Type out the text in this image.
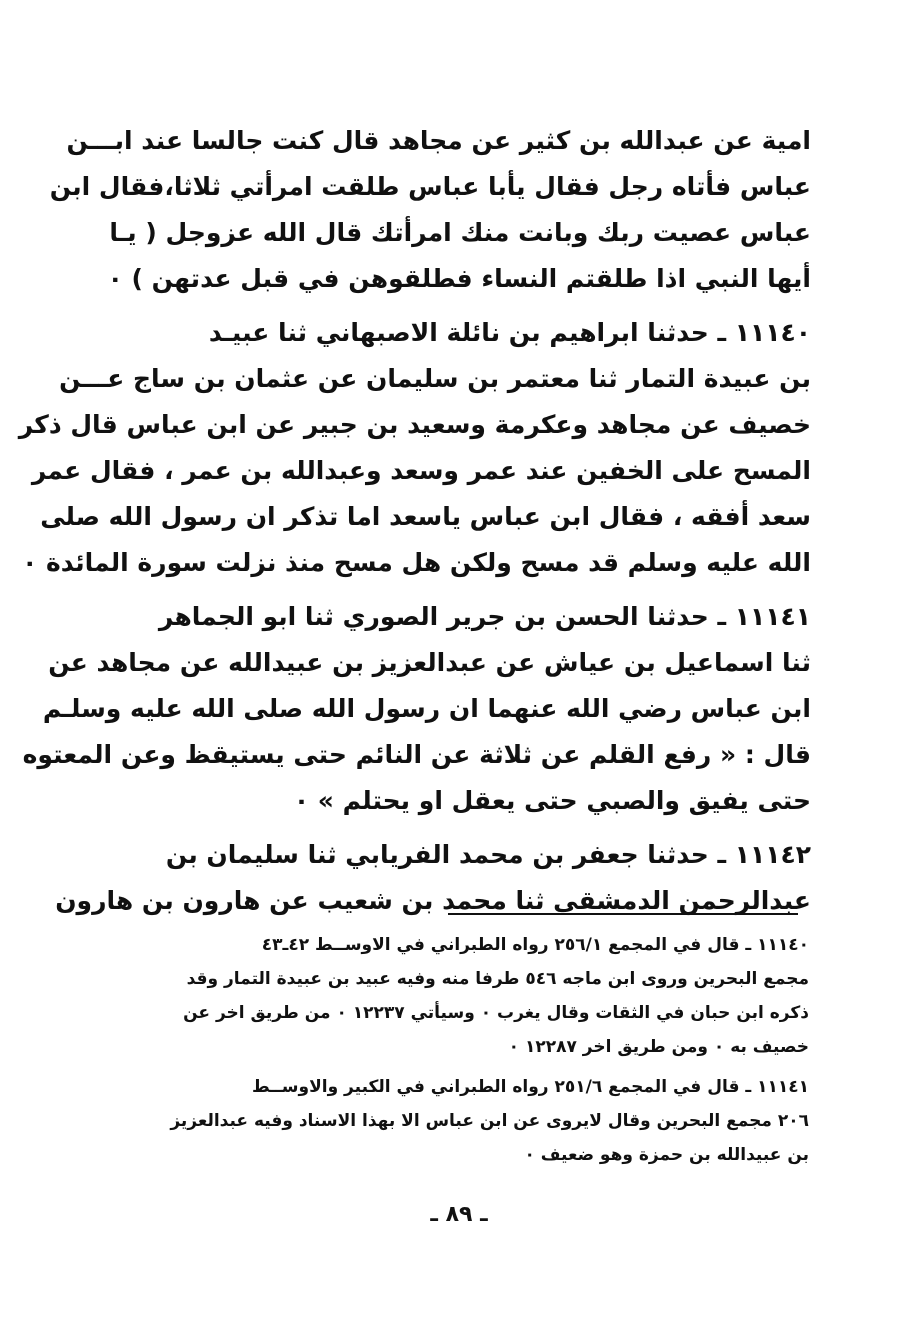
امية عن عبدالله بن كثير عن مجاهد قال كنت جالسا عند ابـــن
عباس فأتاه رجل فقال يأبا عباس طلقت امرأتي ثلاثا،فقال ابن
عباس عصيت ربك وبانت منك امرأتك قال الله عزوجل ( يـا
أيها النبي اذا طلقتم النساء فطلقوهن في قبل عدتهن ) ٠
١١١٤٠ ـ حدثنا ابراهيم بن نائلة الاصبهاني ثنا عبيـد
بن عبيدة التمار ثنا معتمر بن سليمان عن عثمان بن ساج عـــن
خصيف عن مجاهد وعكرمة وسعيد بن جبير عن ابن عباس قال ذكر
المسح على الخفين عند عمر وسعد وعبدالله بن عمر ، فقال عمر
سعد أفقه ، فقال ابن عباس ياسعد اما تذكر ان رسول الله صلى
الله عليه وسلم قد مسح ولكن هل مسح منذ نزلت سورة المائدة ٠
١١١٤١ ـ حدثنا الحسن بن جرير الصوري ثنا ابو الجماهر
ثنا اسماعيل بن عياش عن عبدالعزيز بن عبيدالله عن مجاهد عن
ابن عباس رضي الله عنهما ان رسول الله صلى الله عليه وسلـم
قال : « رفع القلم عن ثلاثة عن النائم حتى يستيقظ وعن المعتوه
حتى يفيق والصبي حتى يعقل او يحتلم » ٠
١١١٤٢ ـ حدثنا جعفر بن محمد الفريابي ثنا سليمان بن
عبدالرحمن الدمشقي ثنا محمد بن شعيب عن هارون بن هارون
١١١٤٠ ـ قال في المجمع ٢٥٦/١ رواه الطبراني في الاوســط ٤٢ـ٤٣
مجمع البحرين وروى ابن ماجه ٥٤٦ طرفا منه وفيه عبيد بن عبيدة التمار وقد
ذكره ابن حبان في الثقات وقال يغرب ٠ وسيأتي ١٢٢٣٧ ٠ من طريق اخر عن
خصيف به ٠ ومن طريق اخر ١٢٢٨٧ ٠
١١١٤١ ـ قال في المجمع ٢٥١/٦ رواه الطبراني في الكبير والاوســط
٢٠٦ مجمع البحرين وقال لايروى عن ابن عباس الا بهذا الاسناد وفيه عبدالعزيز
بن عبيدالله بن حمزة وهو ضعيف ٠
ـ ٨٩ ـ
